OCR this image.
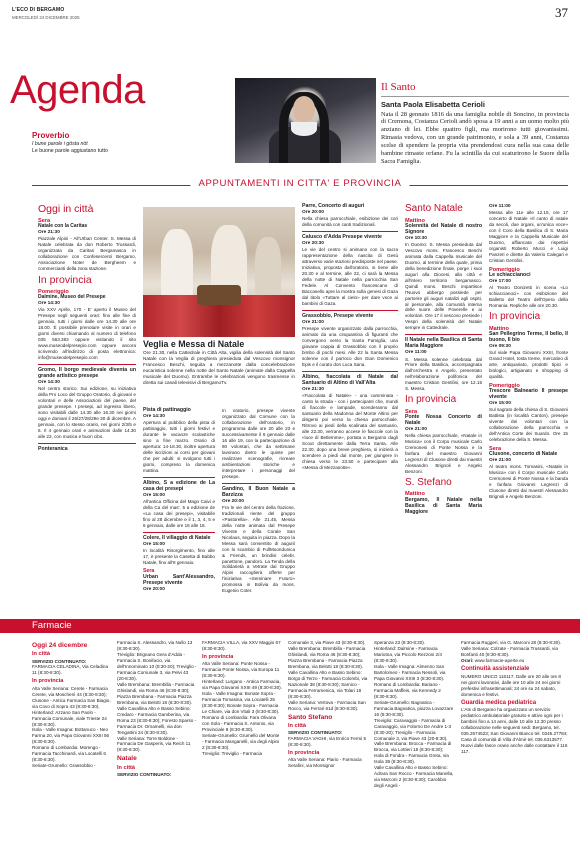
L'ECO DI BERGAMO
MERCOLEDÌ 24 DICEMBRE 2025	37
Agenda
Proverbio
I bune parole i gösta nöt
Le buone parole aggiustano tutto
Il Santo
Santa Paola Elisabetta Cerioli
Nata il 28 gennaio 1816 da una famiglia nobile di Soncino, in provincia di Cremona, Costanza Cerioli andò sposa a 19 anni a un uomo molto più anziano di lei. Ebbe quattro figli, ma morirono tutti giovanissimi. Rimasta vedova, con un grande patrimonio, e sola a 39 anni, Costanza scelse di spendere la propria vita prendendosi cura nella sua casa delle bambine rimaste orfane. Fu la scintilla da cui scaturirono le Suore della Sacra Famiglia.
APPUNTAMENTI IN CITTA' E PROVINCIA
Oggi in città
Sera
Natale con la Caritas
Ore 21:30
Piazzale Alpini - All'Urban Center. S. Messa di Natale celebrata da don Roberto Trussardi, organizzata da Caritas Bergamasca in collaborazione con Confesercenti Bergamo, Associazione Noter de Bergheem e commercianti della zona stazione.
In provincia
Pomeriggio
Dalmine, Museo del Presepe
Ore 14:30
Via XXV Aprile, 170 - E' aperto il Museo del Presepe negli seguenti orari: fino alle fine di gennaio, tutti i giorni dalle ore 14.30 alle ore 18.00. È possibile prenotare visite in orari e giorni diversi chiamando al numero di telefono 035 563.383 oppure visitando il sito www.museodelpresepio.com oppure ancora scrivendo all'indirizzo di posta elettronica: info@museodelpresepio.com
Gromo, Il borgo medievale diventa un grande artistico presepe
Ore 14:30
Nel centro storico. Sui edizione, su iniziativa della Pro Loco del Gruppo Oratorio, di giovani e volontari e delle Associazioni del paese, del grande presepe. I presepi, ad ingresso libero, sono visitabili dalle 14.30 alle 16.30 nei giorni oggi e domani il 26/27/28/29e 30 di dicembre. A gennaio, con lo stesso orario, nei giorni 2/3/5 e 6. Il 4 gennaio orari e animazioni dalle 14.30 alle 22, con musica e buon cibo.
Ponteranica
Veglia e Messa di Natale
Ore 21.30, nella Cattedrale in Città Alta, vigilia della solennità del Santo Natale con la Veglia di preghiera presieduta dal Vescovo monsignor Francesco Beschi, seguita a mezzanotte dalla concelebrazione eucaristica solenne nella notte del Santo Natale (animate dalla Cappella musicale del Duomo). Entrambe le celebrazioni vengono trasmesse in diretta sui canali televisivi di BergamoTv.
Pista di pattinaggio
Ore 14:30
Apertura al pubblico della pista di pattinaggio, tutti i giorni festivi e durante le vacanze scolastiche sino a fine marzo. Orario di apertura: 14-18.30, inoltre apertura delle iscrizioni ai corsi per giovani che per adulti: si svolgono tutti i giorni, compreso la domenica mattina.
Albino, S a edizione de La casa dei presepi
Ore 15:00
All'antica Officina del Mago Caivi e della Ca del mas'. 5 a edizione de «La casa dei presepi», visitabile fino al 28 dicembre e il 1, 3, 4, 5 e 6 gennaio, dalle ore 15 alle 18.
Colere, Il villaggio di Natale
Ore 15:00
In località Risorgimento, fino alle 17, è presente la Casetta di Babbo Natale, fino all'8 gennaio.
Sera
Urban Sant'Alessandro, Presepe vivente
Ore 20:00
In oratorio, presepe vivente organizzato dal Comune con la collaborazione dell'oratorio, in programma dalle ore 20 alle 23 e successivamente il 6 gennaio dalle 16 alle 19, con la partecipazione di 80 volontari, che da settimane lavorano dietro le quinte per realizzare scenografie, ricreare ambientazioni storiche e interpretare i personaggi del presepe.
Gandino, Il Buon Natale a Barzizza
Ore 20:00
Fra le vie del centro della frazione, tradizionali riente del gruppo «Pastorella». Alle 21.45, Messa della notte animata dal Presepe Vivente e della Corale San Nicolaus, seguita in piazza. Dopo la Messa sarà consentito di augurii con lo scambio di FullMoondunica & Friends, un brindisi celebr, panettone, pandoro. La Tenda della Solidarietà a Vetrate dal Gruppo Alpini raccoglierà offerte per l'iniziativa «Seminare Futuro» promossa in Bolivia da mons. Eugenio Coter.
Parre, Concerto di auguri
Ore 20:00
Nella chiesa parrocchiale, esibizione dei cori della comunità con canti tradizionali.
Calusco d'Adda Presepe vivente
Ore 20:30
Le vie del centro si animano con la sacra rappresentazione della nascita di Gesù attraverso varie stazioni predisposte nel paese. Iniziativa, proposta dall'oratorio, si tiene alle 20.30 e al termine, alle 22, ci sarà la Messa della notte di Natale nella parrocchia San Fedele. Al Convento francescano di Baccanello apre la mostra sulla genesi di Gaza dal titolo «Tuttare al cielo» per dare voce ai bambini di Gaza.
Grassobbio, Presepe vivente
Ore 21:00
Presepe vivente organizzato dalla parrocchia, animato da una cinquantina di figuranti che convergono verso la Santa Famiglia, una giovane coppia di Grassobbio con il proprio bimbo di pochi mesi. Alle 22 la Santa Messa solenne con il parroco don Gian Domenico Epis e il curato don Luca Sana.
Albino, fiaccolata di Natale dal Santuario di Altino di Vall'Alta
Ore 21:30
«Fiaccolata di Natale» - una camminata - canto la strada - con i partecipanti che, muniti di fiaccole e lampade, scenderanno dal santuario della Madonna del Monte Altino per dirigersi poi verso la chiesa parrocchiale. Ritrovo ai piedi della scalinata del santuario, alle 22.30, verranno accese le fiaccole con la «luce di Betlemme», portata a Bergamo dagli Scout direttamente dalla Terra Santa. Alle 22.30, dopo una breve preghiera, si inizierà a scendere a piedi dal monte, per giungere in chiesa verso le 23.50 e partecipare alla «Messa di Mezzanotte».
Santo Natale
Mattino
Solennità del Natale di nostro Signore
Ore 10:30
In Duomo: S. Messa presieduta dal Vescovo mons. Francesco Beschi animata dalla Cappella musicale del Duomo, al termine della quale, prima della benedizione finale, porge i suoi auguri alla Diocesi, alla città e all'intero territorio bergamasco. Quindi mons. Beschi impartisce l'Nuovo abbergo possiede per partorire gli auguri natalizi agli ospiti, al personale, alla comunità interna delle suore delle Poverelle e ai volontari. Ore 17 il vescovo presiede i Vespri della solennità del Natale sempre in Cattedrale.
Il Natale nella Basilica di Santa Maria Maggiore
Ore 11:00
S. Messa solenne celebrata dal Priore della Basilica, accompagnata dall'orchestra e Angelo, presentato nell'elaborazione polifonica del maestro Cristian Gentilini, ore 12.15 S. Messa.
In provincia
Sera
Ponte Nossa Concerto di Natale
Ore 21:00
Nella chiesa parrocchiale, «Natale in Musica» con il Corpo musicale Carlo Cremonesi di Ponte Nossa e la fanfara del maestro Giovanni Legrenzi di Clusone diretti dai maestri Alessandro Brignoli e Angelo Benzoni.
S. Stefano
Mattino
Bergamo, Il Natale nella Basilica di Santa Maria Maggiore
Ore 11:00
Messa alle 11e alle 12.15, ore 17 concerto di Natale «Il canto di natale da secoli, due organi, un'unica voce» con il Coro della Basilica di S. Maria Maggiore e la Cappella Musicale del Duomo, affiancata dai rispettivi organisti Roberto Mucci e Luigi Panzeri e dirette da Valerio Calegari e Cristian Gentilini.
Pomeriggio
Le schiaccianoci
Ore 17:00
Al Teatro Donizetti in scena «Lo schiaccianoci» con esibizione del Balletto del Teatro dell'Opera della Romania. Repliche alle ore 20.30.
In provincia
Mattino
San Pellegrino Terme, Il bello, Il buono, Il bio
Ore 09:30
Sul viale Papa Giovanni XXIII, fronte Grand Hotel, tosta treme, mercatino di arte, antiquariato, prodotti tipici e biologici, artigianato e shopping di qualità.
Pomeriggio
Trescore Balneario Il presepe vivente
Ore 15:00
Sul sagrato della chiesa di S. Giovanni Battista (in località Canton), presepe vivente dei volontari con la collaborazione della parrocchia e dell'Antica Corte dei Suardo. Ore 15 celebrazione della S. Messa.
Sera
Clusone, concerto di Natale
Ore 21:00
Al teatro mons. Tomasini, «Natale in Musica» con il Corpo musicale Carlo Cremonesi di Ponte Nossa e la banda e fanfara Giovanni Legrenzi di Clusone diretti dai maestri Alessandro Brignoli e Angelo Benzoni.
Farmacie
Oggi 24 dicembre
In città
SERVIZIO CONTINUATO:
FARMACIA CELADINA, Via Celadina 11 (8:30-8:30).
In provincia
Alta Valle Seriana: Cerete - Farmacia Cerete, via Moschenì 44 (8:30-8:30); Clusone - Antica Farmacia San Biagio, via Covo di Sopra 43 (8:30-8:30).
Hinterland: Azzano San Paolo - Farmacia Comunale, viale Trieste 24 (8:30-8:30).
Isola - Valle Imagna: Bottanuco - Neo Farma 20, via Papa Giovanni XXIII 56 (8:30-8:30).
Romano di Lombardia: Morengo - Farmacia Tacchinardi, via Locatelli 6 (8:30-8:30).
Seriate-Grumello: Grassobbio -
Farmacia S. Alessandro, via Nullo 13 (8:30-8:30).
Treviglio: Brignano Gera d'Adda - Farmacia S. Bonifacio, via dell'Innominato 10 (8:30-20); Treviglio - Farmacia Comunale 3, via Pelvi 43 (20-8:30).
Valle Brembana: Brembilla - Farmacia Ghislandi, via Roma 46 (8:30-8:30); Piazza Brembana - Farmacia Piazza Brembana, via Belotti 18 (8:30-8:30).
Valle Cavallina Alto e Basso Sebino: Credaro - Farmacia Gamberina, via Roma 23 (8:30-8:30); Foresto Sparso - Farmacia Dr. Ornamelli, via don Tengattini 24 (8:30-8:30).
Valle Seriana: Torre Boldone - Farmacia De Gasperis, via Reich 11 (8:30-8:30).
Natale
In città
SERVIZIO CONTINUATO:
FARMACIA VILLA, via XXV Maggio 67 (8:30-8:30).
In provincia
Alta Valle Seriana: Ponte Nossa - Farmacia Ponte Nossa, via Europa 11 (8:30-8:30).
Hinterland: Lurgano - Antica Farmacia, via Papa Giovanni XXIII 49 (8:30-8:30).
Isola - Valle Imagna: Bonate Sopra - Farmacia Tomasina, via Locatelli 25 (8:30-8:30); Bonate Sopra - Farmacia Le Chiare, via don Vitali 3 (8:30-8:30).
Romano di Lombardia: Fara Olivana con Sola - Farmacia S. Antonio, via Provinciale 8 (8:30-8:30).
Seriate-Grumello: Grumello del Monte - Farmacia Manganelli, via degli Alpini 2 (8:30-8:30).
Treviglio: Treviglio - Farmacia
Comunale 3, via Piave 43 (8:30-8:30).
Valle Brembana: Brembilla - Farmacia Ghislandi, via Roma 46 (8:30-8:30); Piazza Brembana - Farmacia Piazza Brembana, via Belotti 18 (8:30-8:30).
Valle Cavallina Alto e Basso Sebino: Borgo di Terzo - Farmacia Colombi, via Nazionale 38 (8:30-8:30); Sarnico - Farmacia Ferramenica, via Tolari 18 (8:30-8:30).
Valle Seriana: Vertova - Farmacia San Rocco, via Ferrari 61d (8:30-8:30).
Santo Stefano
In città
SERVIZIO CONTINUATO:
FARMACIA VAGHI, via Enrico Fermi 5 (8:30-8:30).
In provincia
Alta Valle Seriana: Piario - Farmacia Serafini, via Monsignor
Speranza 23 (8:30-8:30).
Hinterland: Dalmine - Farmacia Mariotna, via Piccolo Rezzoni 2/4 (8:30-8:30).
Isola - Valle Imagna: Almenno San Bartolomeo - Farmacia Nessoli, via Papa Giovanni XXIII 3 (8:30-8:30).
Romano di Lombardia: Bariano - Farmacia Maffeis, via Kennedy 2 (8:30-8:30).
Seriate-Grumello: Bagnatica - Farmacia Bagnatica, piazza Lovazzare 16 (8:30-8:30).
Treviglio: Caravaggio - Farmacia di Caravaggio, via Folorno De Andre 1-3 (8:30-20); Treviglio - Farmacia Comunale 3, via Piave 43 (20-8:30).
Valle Brembana: Brocca - Farmacia di Brocca, via Lottieri 18 (8:30-8:30); Isola di Fondra - Farmacia Greta, via Isola 38 (8:30-8:30).
Valle Cavallina Alto e Basso Sebino: Adrara San Rocco - Farmacia Manella, via Marconi 2 (8:30-8:30); Carobbio degli Angeli -
Farmacia Ruggeri, via G. Marconi 28 (8:30-8:30).
Valle Seriana: Colzate - Farmacia Trussardi, via Bonfanti 40 (8:30-8:30).
Orari: www.farmacie-aperte.eu
Continuità assistenziale
NUMERO UNICO 116117. Dalle ore 20 alle ore 8 nei giorni lavorativi, dalle ore 10 alle 24 nei giorni prefestivi infrasettimanali; 24 ore su 24 sabato, domenica e festivi.
Guardia medica pediatrica
L'Ats di Bergamo ha organizzato un servizio pediatrico ambulatoriale gratuito e attivo ogni per i bambini fino a 14 anni, dalle 10 alle 12.30 presso collaborazione nelle seguenti sedi: Bergamo, tel. 035.2674523; San Giovanni Bianco tel. 0345.27784; Casa di comunità di Villa d'Almè tel. 035.6313577. Nuovi dalle fasce orarie anche dalle contattare il 116 117.
